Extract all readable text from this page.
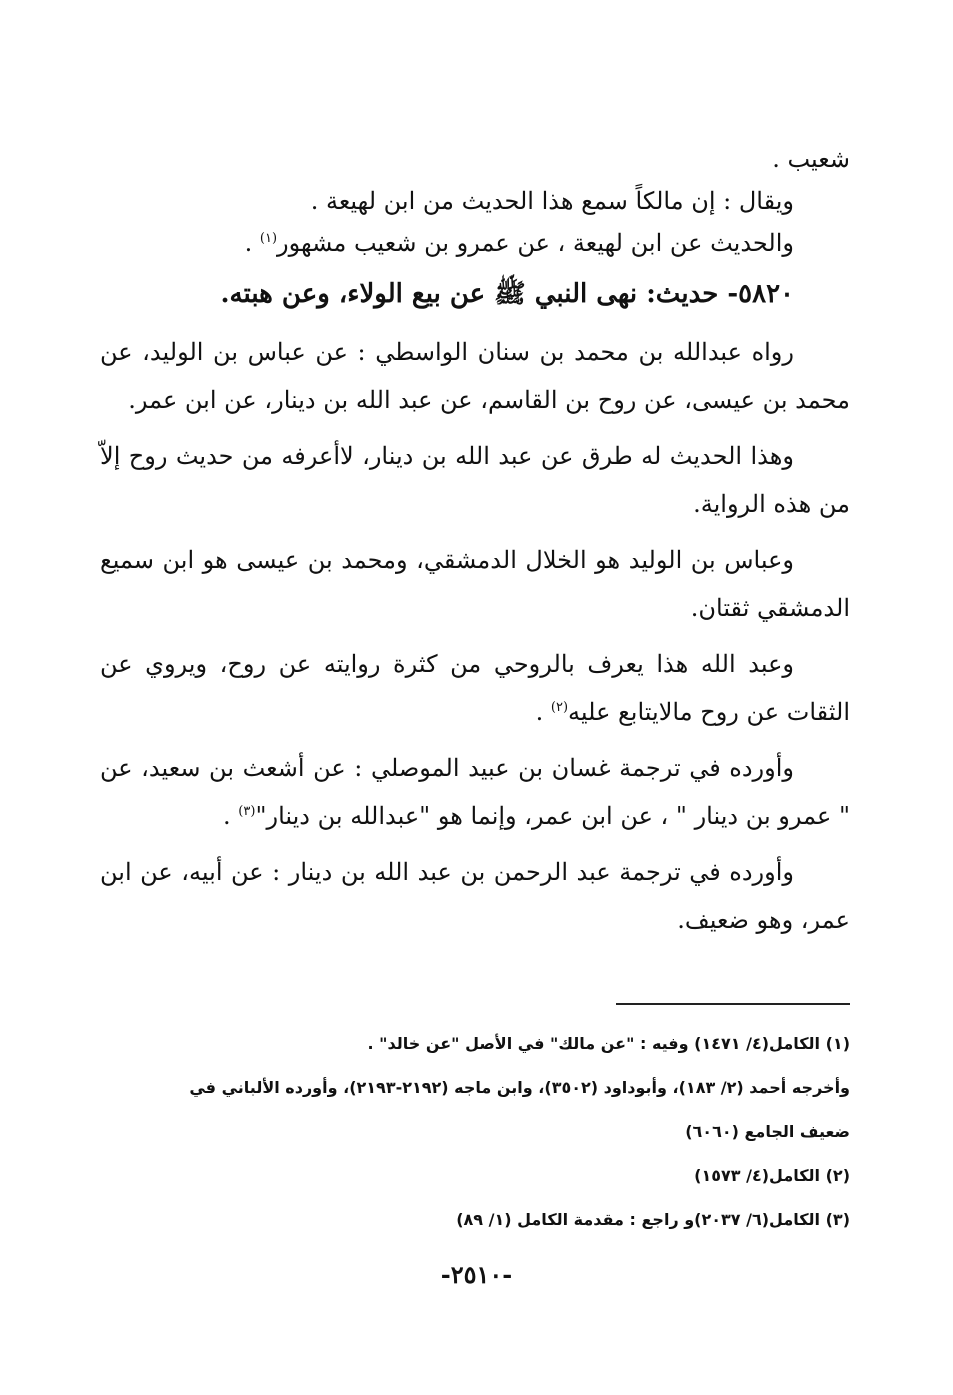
شعيب .

ويقال : إن مالكاً سمع هذا الحديث من ابن لهيعة .

والحديث عن ابن لهيعة ، عن عمرو بن شعيب مشهور$^{(١)}$ .

٥٨٢٠- حديث: نهى النبي ﷺ عن بيع الولاء، وعن هبته.

رواه عبدالله بن محمد بن سنان الواسطي : عن عباس بن الوليد، عن محمد بن عيسى، عن روح بن القاسم، عن عبد الله بن دينار، عن ابن عمر.

وهذا الحديث له طرق عن عبد الله بن دينار، لاأعرفه من حديث روح إلاّ من هذه الرواية.

وعباس بن الوليد هو الخلال الدمشقي، ومحمد بن عيسى هو ابن سميع الدمشقي ثقتان.

وعبد الله هذا يعرف بالروحي من كثرة روايته عن روح، ويروي عن الثقات عن روح مالايتابع عليه$^{(٢)}$ .

وأورده في ترجمة غسان بن عبيد الموصلي : عن أشعث بن سعيد، عن " عمرو بن دينار " ، عن ابن عمر، وإنما هو "عبدالله بن دينار"$^{(٣)}$ .

وأورده في ترجمة عبد الرحمن بن عبد الله بن دينار : عن أبيه، عن ابن عمر، وهو ضعيف.

(١) الكامل(٤/ ١٤٧١) وفيه : "عن مالك" في الأصل "عن خالد" .

وأخرجه أحمد (٢/ ١٨٣)، وأبوداود (٣٥٠٢)، وابن ماجه (٢١٩٢-٢١٩٣)، وأورده الألباني في

ضعيف الجامع (٦٠٦٠)

(٢) الكامل(٤/ ١٥٧٣)

(٣) الكامل(٦/ ٢٠٣٧)و راجع : مقدمة الكامل (١/ ٨٩)

-٢٥١٠-
